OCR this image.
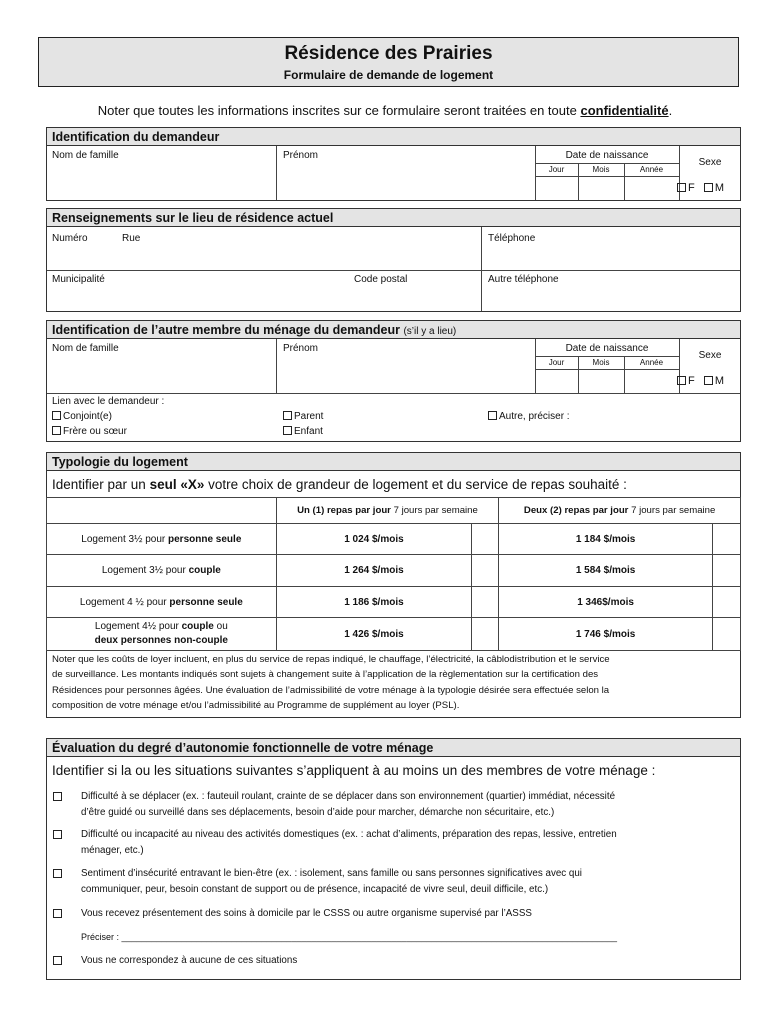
Résidence des Prairies
Formulaire de demande de logement
Noter que toutes les informations inscrites sur ce formulaire seront traitées en toute confidentialité.
Identification du demandeur
Nom de famille	Prénom	Date de naissance
Jour	Mois	Année
Sexe
F M
Renseignements sur le lieu de résidence actuel
Numéro	Rue	Téléphone
Municipalité	Code postal	Autre téléphone
Identification de l’autre membre du ménage du demandeur (s’il y a lieu)
Nom de famille	Prénom	Date de naissance
Jour	Mois	Année
Sexe
F M
Lien avec le demandeur :
Conjoint(e)
Frère ou sœur
Parent
Enfant
Autre, préciser :
Typologie du logement
Identifier par un seul «X» votre choix de grandeur de logement et du service de repas souhaité :
	Un (1) repas par jour 7 jours par semaine		Deux (2) repas par jour 7 jours par semaine	
Logement 3½ pour personne seule	1 024 $/mois		1 184 $/mois	
Logement 3½ pour couple	1 264 $/mois		1 584 $/mois	
Logement 4 ½ pour personne seule	1 186 $/mois		1 346$/mois	
Logement 4½ pour couple ou
deux personnes non-couple	1 426 $/mois		1 746 $/mois	
Noter que les coûts de loyer incluent, en plus du service de repas indiqué, le chauffage, l’électricité, la câblodistribution et le service
de surveillance. Les montants indiqués sont sujets à changement suite à l’application de la règlementation sur la certification des
Résidences pour personnes âgées. Une évaluation de l’admissibilité de votre ménage à la typologie désirée sera effectuée selon la
composition de votre ménage et/ou l’admissibilité au Programme de supplément au loyer (PSL).
Évaluation du degré d’autonomie fonctionnelle de votre ménage
Identifier si la ou les situations suivantes s’appliquent à au moins un des membres de votre ménage :
Difficulté à se déplacer (ex. : fauteuil roulant, crainte de se déplacer dans son environnement (quartier) immédiat, nécessité
d’être guidé ou surveillé dans ses déplacements, besoin d’aide pour marcher, démarche non sécuritaire, etc.)
Difficulté ou incapacité au niveau des activités domestiques (ex. : achat d’aliments, préparation des repas, lessive, entretien
ménager, etc.)
Sentiment d’insécurité entravant le bien-être (ex. : isolement, sans famille ou sans personnes significatives avec qui
communiquer, peur, besoin constant de support ou de présence, incapacité de vivre seul, deuil difficile, etc.)
Vous recevez présentement des soins à domicile par le CSSS ou autre organisme supervisé par l’ASSS
Préciser : ___________________________________________________________________________________________________
Vous ne correspondez à aucune de ces situations
